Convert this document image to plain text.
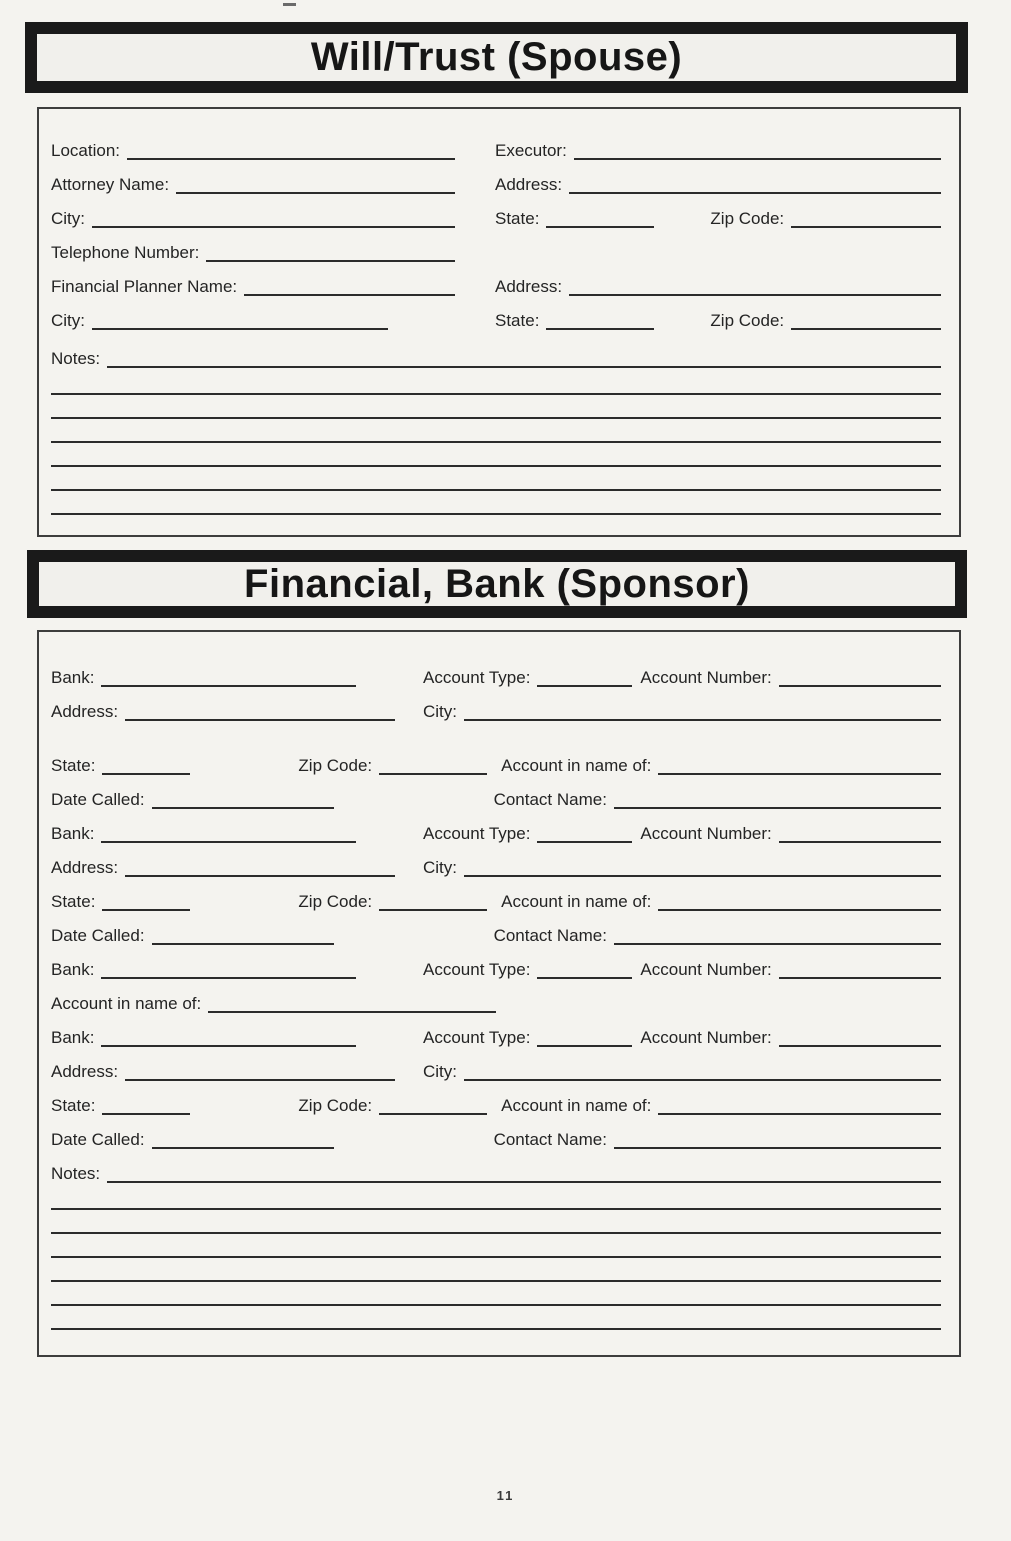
Will/Trust (Spouse)
Location:	Executor:
Attorney Name:	Address:
City:	State:	Zip Code:
Telephone Number:
Financial Planner Name:	Address:
City:	State:	Zip Code:
Notes:
Financial, Bank (Sponsor)
Bank:	Account Type:	Account Number:
Address:	City:
State:	Zip Code:	Account in name of:
Date Called:	Contact Name:
Bank:	Account Type:	Account Number:
Address:	City:
State:	Zip Code:	Account in name of:
Date Called:	Contact Name:
Bank:	Account Type:	Account Number:
Account in name of:
Bank:	Account Type:	Account Number:
Address:	City:
State:	Zip Code:	Account in name of:
Date Called:	Contact Name:
Notes:
11
